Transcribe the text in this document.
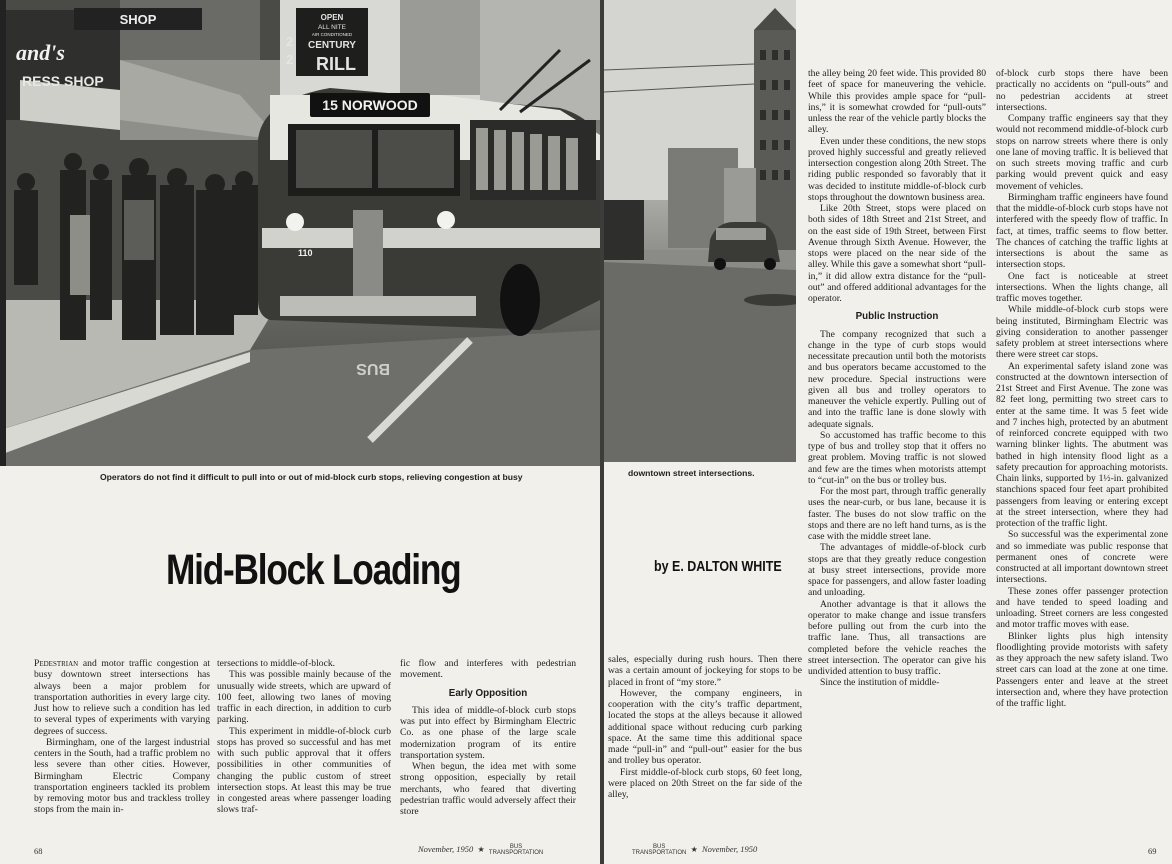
SHOP
and's
RESS SHOP
OPEN
ALL NITE
AIR CONDITIONED
CENTURY
RILL
2
2
BUS
15 NORWOOD
110
Operators do not find it difficult to pull into or out of mid-block curb stops, relieving congestion at busy
Mid-Block Loading

Pedestrian and motor traffic congestion at busy downtown street intersections has always been a major problem for transportation authorities in every large city. Just how to relieve such a condition has led to several types of experiments with varying degrees of success.

Birmingham, one of the largest industrial centers in the South, had a traffic problem no less severe than other cities. However, Birmingham Electric Company transportation engineers tackled its problem by removing motor bus and trackless trolley stops from the main in-

tersections to middle-of-block.

This was possible mainly because of the unusually wide streets, which are upward of 100 feet, allowing two lanes of moving traffic in each direction, in addition to curb parking.

This experiment in middle-of-block curb stops has proved so successful and has met with such public approval that it offers possibilities in other communities of changing the public custom of street intersection stops. At least this may be true in congested areas where passenger loading slows traf-

fic flow and interferes with pedestrian movement.

Early Opposition

This idea of middle-of-block curb stops was put into effect by Birmingham Electric Co. as one phase of the large scale modernization program of its entire transportation system.

When begun, the idea met with some strong opposition, especially by retail merchants, who feared that diverting pedestrian traffic would adversely affect their store

68	November, 1950 ★	BUS
TRANSPORTATION
downtown street intersections.
by E. DALTON WHITE

sales, especially during rush hours. Then there was a certain amount of jockeying for stops to be placed in front of “my store.”

However, the company engineers, in cooperation with the city’s traffic department, located the stops at the alleys because it allowed additional space without reducing curb parking space. At the same time this additional space made “pull-in” and “pull-out” easier for the bus and trolley bus operator.

First middle-of-block curb stops, 60 feet long, were placed on 20th Street on the far side of the alley,

the alley being 20 feet wide. This provided 80 feet of space for maneuvering the vehicle. While this provides ample space for “pull-ins,” it is somewhat crowded for “pull-outs” unless the rear of the vehicle partly blocks the alley.

Even under these conditions, the new stops proved highly successful and greatly relieved intersection congestion along 20th Street. The riding public responded so favorably that it was decided to institute middle-of-block curb stops throughout the downtown business area.

Like 20th Street, stops were placed on both sides of 18th Street and 21st Street, and on the east side of 19th Street, between First Avenue through Sixth Avenue. However, the stops were placed on the near side of the alley. While this gave a somewhat short “pull-in,” it did allow extra distance for the “pull-out” and offered additional advantages for the operator.

Public Instruction

The company recognized that such a change in the type of curb stops would necessitate precaution until both the motorists and bus operators became accustomed to the new procedure. Special instructions were given all bus and trolley operators to maneuver the vehicle expertly. Pulling out of and into the traffic lane is done slowly with adequate signals.

So accustomed has traffic become to this type of bus and trolley stop that it offers no great problem. Moving traffic is not slowed and few are the times when motorists attempt to “cut-in” on the bus or trolley bus.

For the most part, through traffic generally uses the near-curb, or bus lane, because it is faster. The buses do not slow traffic on the stops and there are no left hand turns, as is the case with the middle street lane.

The advantages of middle-of-block curb stops are that they greatly reduce congestion at busy street intersections, provide more space for passengers, and allow faster loading and unloading.

Another advantage is that it allows the operator to make change and issue transfers before pulling out from the curb into the traffic lane. Thus, all transactions are completed before the vehicle reaches the street intersection. The operator can give his undivided attention to busy traffic.

Since the institution of middle-

of-block curb stops there have been practically no accidents on “pull-outs” and no pedestrian accidents at street intersections.

Company traffic engineers say that they would not recommend middle-of-block curb stops on narrow streets where there is only one lane of moving traffic. It is believed that on such streets moving traffic and curb parking would prevent quick and easy movement of vehicles.

Birmingham traffic engineers have found that the middle-of-block curb stops have not interfered with the speedy flow of traffic. In fact, at times, traffic seems to flow better. The chances of catching the traffic lights at intersections is about the same as intersection stops.

One fact is noticeable at street intersections. When the lights change, all traffic moves together.

While middle-of-block curb stops were being instituted, Birmingham Electric was giving consideration to another passenger safety problem at street intersections where there were street car stops.

An experimental safety island zone was constructed at the downtown intersection of 21st Street and First Avenue. The zone was 82 feet long, permitting two street cars to enter at the same time. It was 5 feet wide and 7 inches high, protected by an abutment of reinforced concrete equipped with two warning blinker lights. The abutment was bathed in high intensity flood light as a safety precaution for approaching motorists. Chain links, supported by 1½-in. galvanized stanchions spaced four feet apart prohibited passengers from leaving or entering except at the street intersection, where they had protection of the traffic light.

So successful was the experimental zone and so immediate was public response that permanent ones of concrete were constructed at all important downtown street intersections.

These zones offer passenger protection and have tended to speed loading and unloading. Street corners are less congested and motor traffic moves with ease.

Blinker lights plus high intensity floodlighting provide motorists with safety as they approach the new safety island. Two street cars can load at the zone at one time. Passengers enter and leave at the street intersection and, where they have protection of the traffic light.

BUS
TRANSPORTATION ★ November, 1950	69
